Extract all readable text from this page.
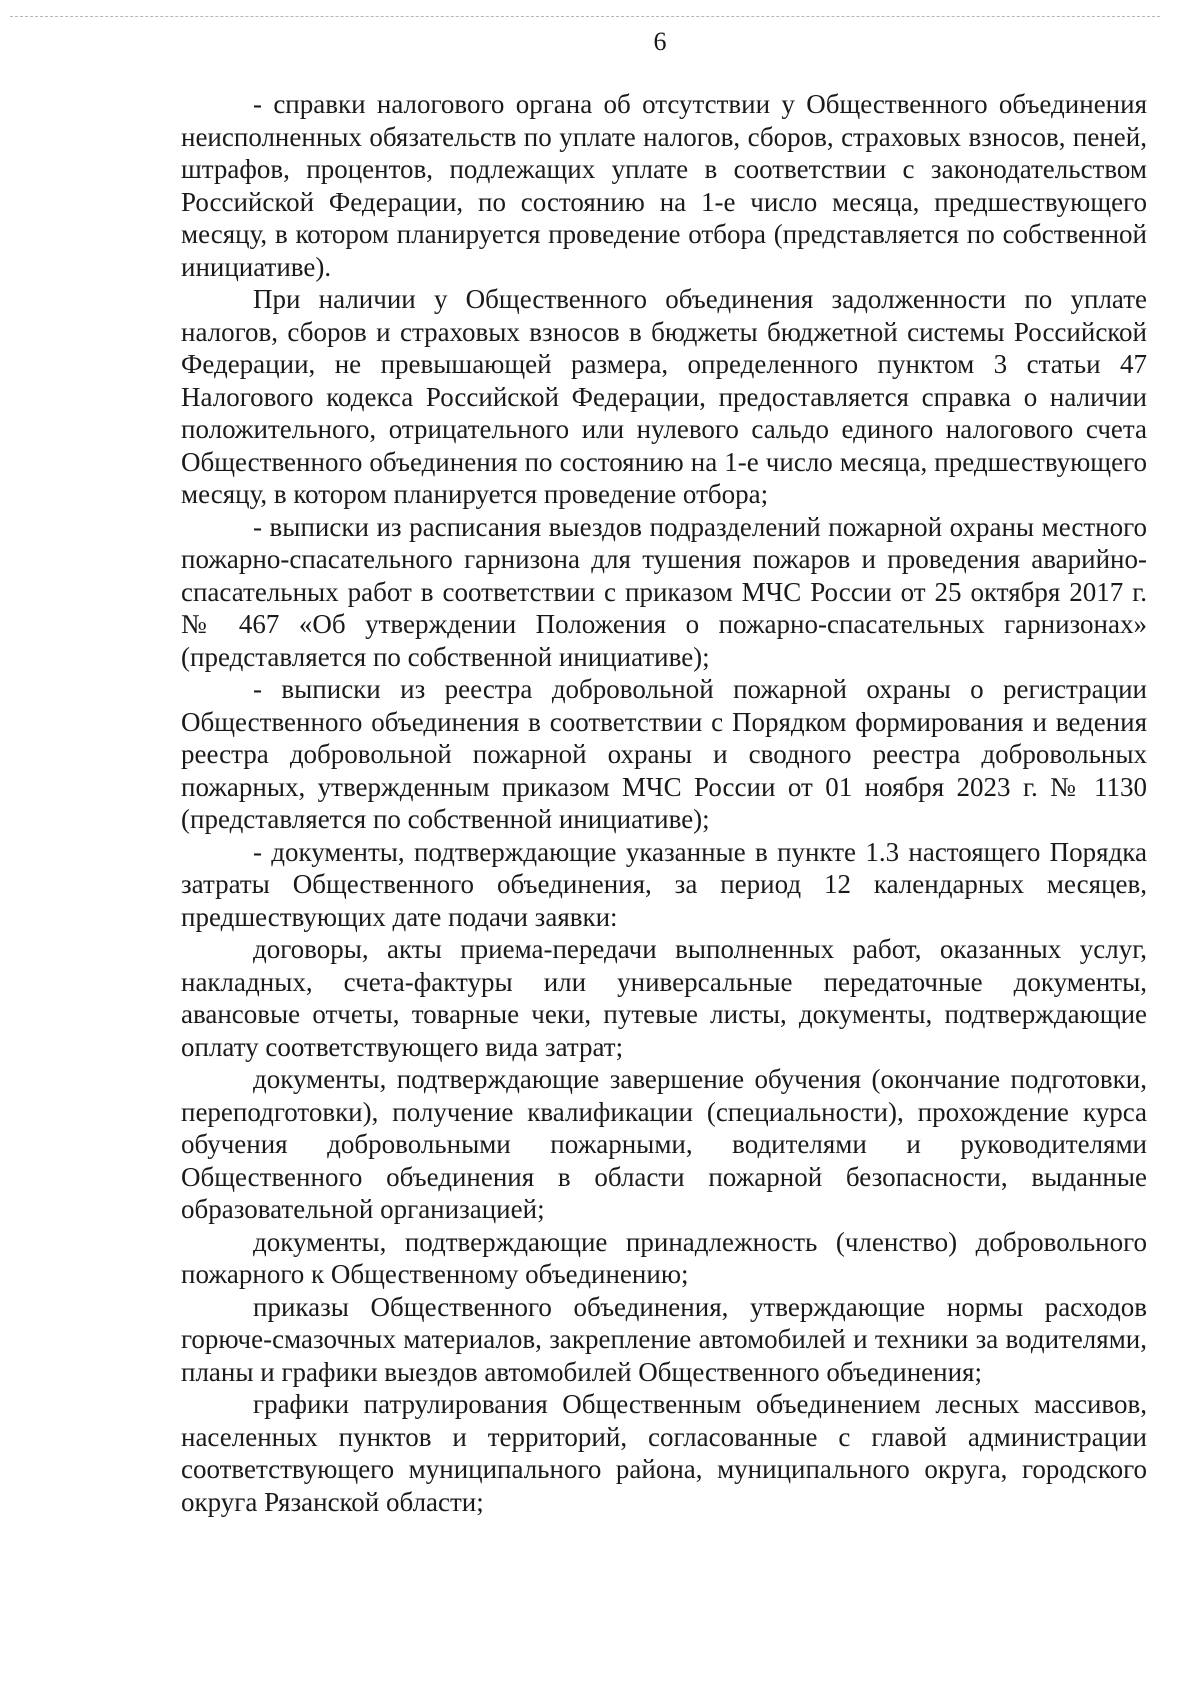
6

- справки налогового органа об отсутствии у Общественного объединения неисполненных обязательств по уплате налогов, сборов, страховых взносов, пеней, штрафов, процентов, подлежащих уплате в соответствии с законодательством Российской Федерации, по состоянию на 1-е число месяца, предшествующего месяцу, в котором планируется проведение отбора (представляется по собственной инициативе).

При наличии у Общественного объединения задолженности по уплате налогов, сборов и страховых взносов в бюджеты бюджетной системы Российской Федерации, не превышающей размера, определенного пунктом 3 статьи 47 Налогового кодекса Российской Федерации, предоставляется справка о наличии положительного, отрицательного или нулевого сальдо единого налогового счета Общественного объединения по состоянию на 1-е число месяца, предшествующего месяцу, в котором планируется проведение отбора;

- выписки из расписания выездов подразделений пожарной охраны местного пожарно-спасательного гарнизона для тушения пожаров и проведения аварийно-спасательных работ в соответствии с приказом МЧС России от 25 октября 2017 г. № 467 «Об утверждении Положения о пожарно-спасательных гарнизонах» (представляется по собственной инициативе);

- выписки из реестра добровольной пожарной охраны о регистрации Общественного объединения в соответствии с Порядком формирования и ведения реестра добровольной пожарной охраны и сводного реестра добровольных пожарных, утвержденным приказом МЧС России от 01 ноября 2023 г. № 1130 (представляется по собственной инициативе);

- документы, подтверждающие указанные в пункте 1.3 настоящего Порядка затраты Общественного объединения, за период 12 календарных месяцев, предшествующих дате подачи заявки:

договоры, акты приема-передачи выполненных работ, оказанных услуг, накладных, счета-фактуры или универсальные передаточные документы, авансовые отчеты, товарные чеки, путевые листы, документы, подтверждающие оплату соответствующего вида затрат;

документы, подтверждающие завершение обучения (окончание подготовки, переподготовки), получение квалификации (специальности), прохождение курса обучения добровольными пожарными, водителями и руководителями Общественного объединения в области пожарной безопасности, выданные образовательной организацией;

документы, подтверждающие принадлежность (членство) добровольного пожарного к Общественному объединению;

приказы Общественного объединения, утверждающие нормы расходов горюче-смазочных материалов, закрепление автомобилей и техники за водителями, планы и графики выездов автомобилей Общественного объединения;

графики патрулирования Общественным объединением лесных массивов, населенных пунктов и территорий, согласованные с главой администрации соответствующего муниципального района, муниципального округа, городского округа Рязанской области;
